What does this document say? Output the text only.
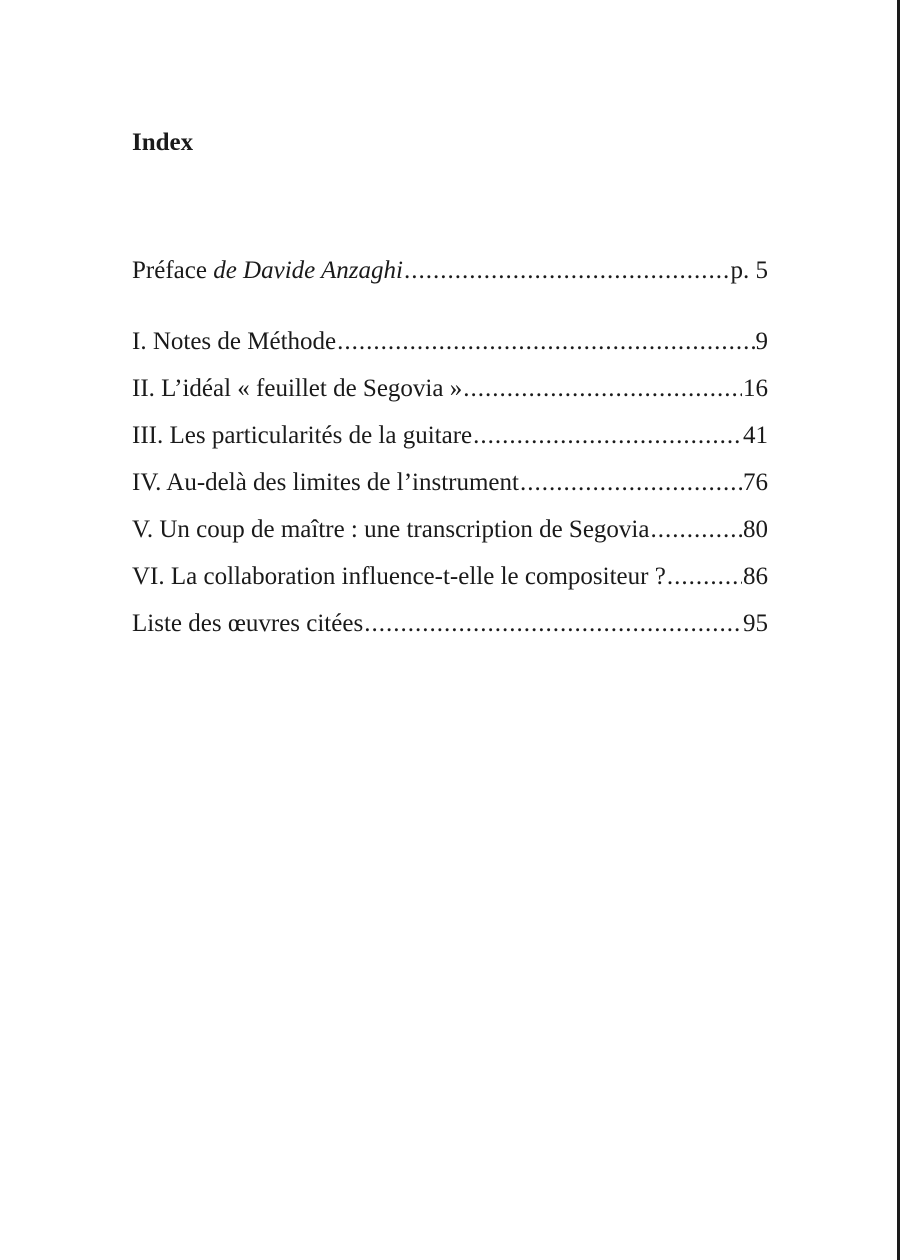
Index
Préface de Davide Anzaghi .....	p. 5
I. Notes de Méthode .....	9
II. L’idéal « feuillet de Segovia » .....	16
III. Les particularités de la guitare .....	41
IV. Au-delà des limites de l’instrument .....	76
V. Un coup de maître : une transcription de Segovia .....	80
VI. La collaboration influence-t-elle le compositeur ? .....	86
Liste des œuvres citées .....	95
